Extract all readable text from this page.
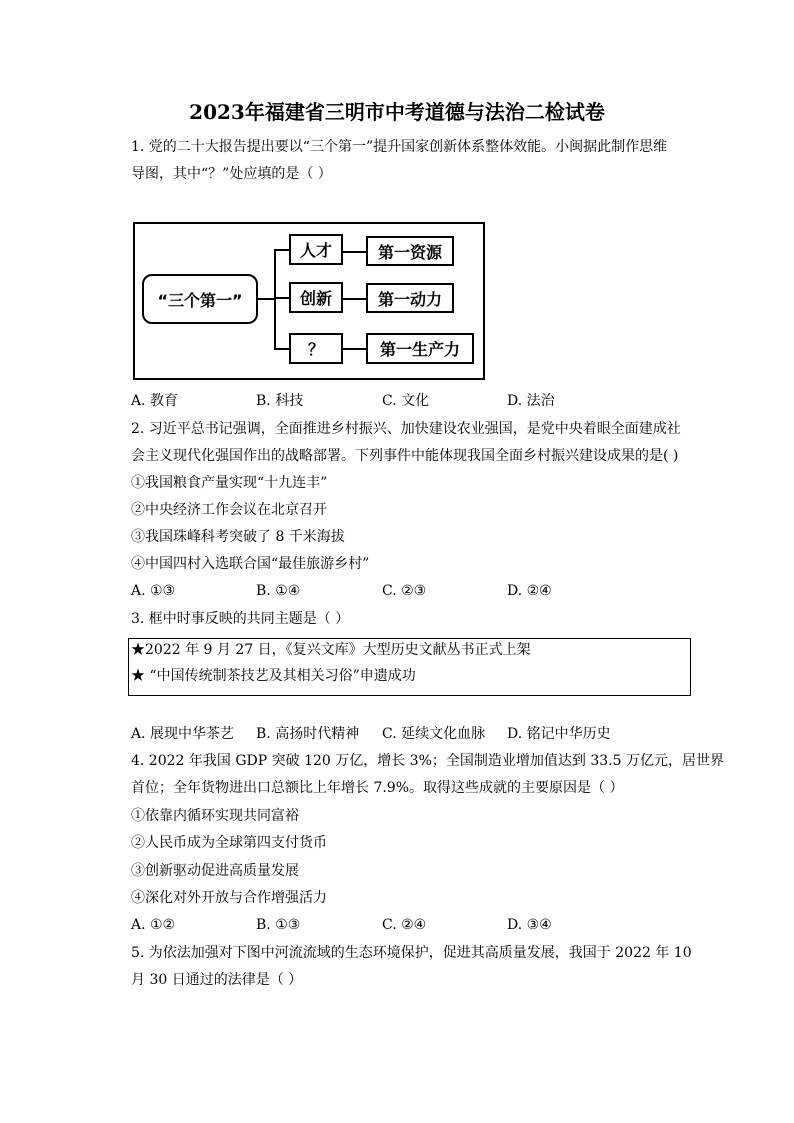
2023年福建省三明市中考道德与法治二检试卷
1. 党的二十大报告提出要以“三个第一”提升国家创新体系整体效能。小闽据此制作思维
导图，其中“？”处应填的是（ ）
“三个第一”
人才
创新
？
第一资源
第一动力
第一生产力
A. 教育	B. 科技	C. 文化	D. 法治
2. 习近平总书记强调，全面推进乡村振兴、加快建设农业强国，是党中央着眼全面建成社
会主义现代化强国作出的战略部署。下列事件中能体现我国全面乡村振兴建设成果的是( )
①我国粮食产量实现“十九连丰”
②中央经济工作会议在北京召开
③我国珠峰科考突破了 8 千米海拔
④中国四村入选联合国“最佳旅游乡村”
A. ①③	B. ①④	C. ②③	D. ②④
3. 框中时事反映的共同主题是（ ）
★2022 年 9 月 27 日，《复兴文库》大型历史文献丛书正式上架
★ “中国传统制茶技艺及其相关习俗”申遗成功
A. 展现中华茶艺 B. 高扬时代精神 C. 延续文化血脉 D. 铭记中华历史
4. 2022 年我国 GDP 突破 120 万亿，增长 3%；全国制造业增加值达到 33.5 万亿元，居世界
首位；全年货物进出口总额比上年增长 7.9%。取得这些成就的主要原因是（ ）
①依靠内循环实现共同富裕
②人民币成为全球第四支付货币
③创新驱动促进高质量发展
④深化对外开放与合作增强活力
A. ①②	B. ①③	C. ②④	D. ③④
5. 为依法加强对下图中河流流域的生态环境保护，促进其高质量发展，我国于 2022 年 10
月 30 日通过的法律是（ ）
